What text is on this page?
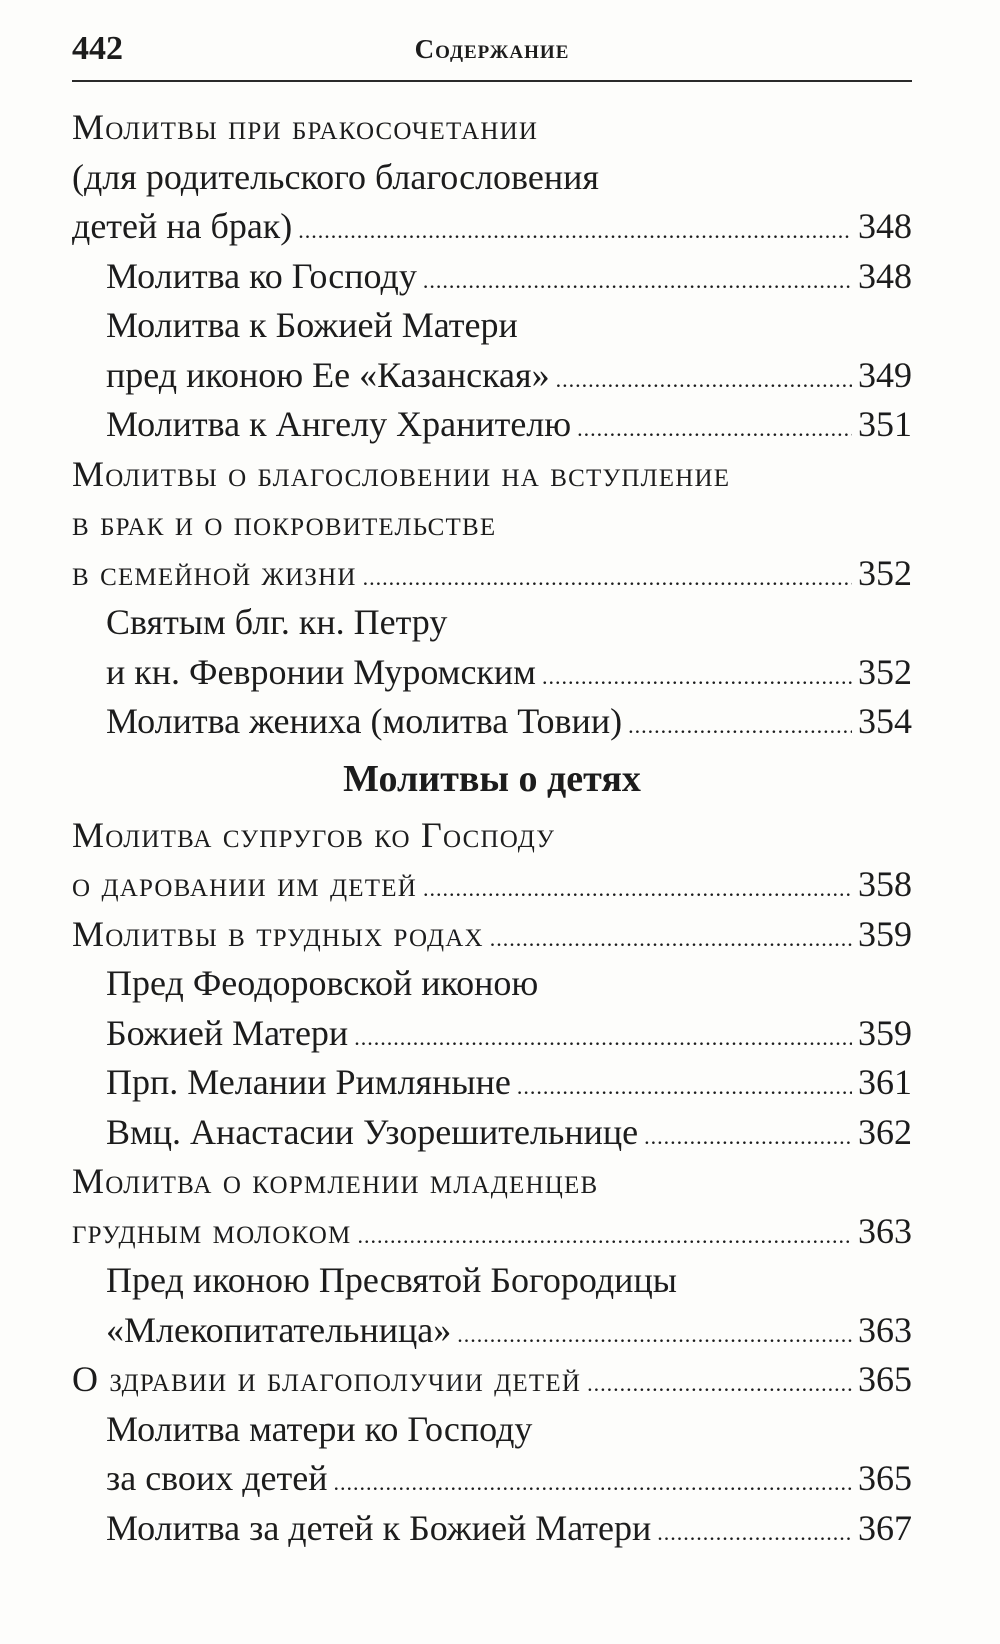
442	Содержание
Молитвы при бракосочетании
(для родительского благословения
детей на брак) .....	348
Молитва ко Господу .....	348
Молитва к Божией Матери
пред иконою Ее «Казанская» .....	349
Молитва к Ангелу Хранителю .....	351
Молитвы о благословении на вступление
в брак и о покровительстве
в семейной жизни .....	352
Святым блг. кн. Петру
и кн. Февронии Муромским .....	352
Молитва жениха (молитва Товии) .....	354
Молитвы о детях
Молитва супругов ко Господу
о даровании им детей .....	358
Молитвы в трудных родах .....	359
Пред Феодоровской иконою
Божией Матери .....	359
Прп. Мелании Римляныне .....	361
Вмц. Анастасии Узорешительнице .....	362
Молитва о кормлении младенцев
грудным молоком .....	363
Пред иконою Пресвятой Богородицы
«Млекопитательница» .....	363
О здравии и благополучии детей .....	365
Молитва матери ко Господу
за своих детей .....	365
Молитва за детей к Божией Матери .....	367
